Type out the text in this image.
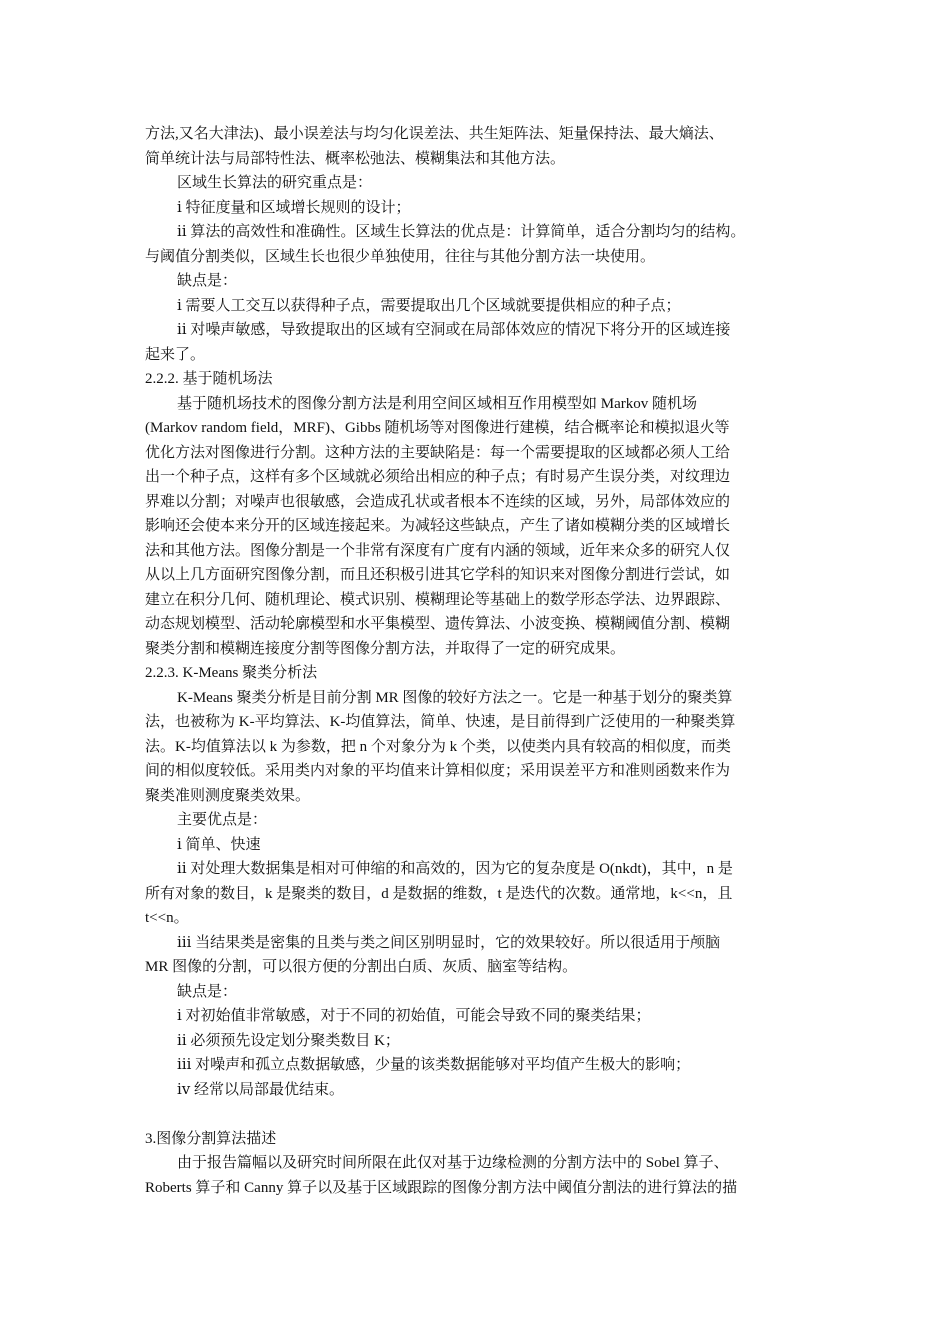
方法,又名大津法)、最小误差法与均匀化误差法、共生矩阵法、矩量保持法、最大熵法、
简单统计法与局部特性法、概率松弛法、模糊集法和其他方法。
区域生长算法的研究重点是：
ⅰ 特征度量和区域增长规则的设计；
ⅱ 算法的高效性和准确性。区域生长算法的优点是：计算简单，适合分割均匀的结构。
与阈值分割类似，区域生长也很少单独使用，往往与其他分割方法一块使用。
缺点是：
ⅰ 需要人工交互以获得种子点，需要提取出几个区域就要提供相应的种子点；
ⅱ 对噪声敏感，导致提取出的区域有空洞或在局部体效应的情况下将分开的区域连接
起来了。
2.2.2. 基于随机场法
基于随机场技术的图像分割方法是利用空间区域相互作用模型如 Markov 随机场
(Markov random field，MRF)、Gibbs 随机场等对图像进行建模，结合概率论和模拟退火等
优化方法对图像进行分割。这种方法的主要缺陷是：每一个需要提取的区域都必须人工给
出一个种子点，这样有多个区域就必须给出相应的种子点；有时易产生误分类，对纹理边
界难以分割；对噪声也很敏感，会造成孔状或者根本不连续的区域，另外，局部体效应的
影响还会使本来分开的区域连接起来。为减轻这些缺点，产生了诸如模糊分类的区域增长
法和其他方法。图像分割是一个非常有深度有广度有内涵的领域，近年来众多的研究人仅
从以上几方面研究图像分割，而且还积极引进其它学科的知识来对图像分割进行尝试，如
建立在积分几何、随机理论、模式识别、模糊理论等基础上的数学形态学法、边界跟踪、
动态规划模型、活动轮廓模型和水平集模型、遗传算法、小波变换、模糊阈值分割、模糊
聚类分割和模糊连接度分割等图像分割方法，并取得了一定的研究成果。
2.2.3. K-Means 聚类分析法
K-Means 聚类分析是目前分割 MR 图像的较好方法之一。它是一种基于划分的聚类算
法，也被称为 K-平均算法、K-均值算法，简单、快速，是目前得到广泛使用的一种聚类算
法。K-均值算法以 k 为参数，把 n 个对象分为 k 个类，以使类内具有较高的相似度，而类
间的相似度较低。采用类内对象的平均值来计算相似度；采用误差平方和准则函数来作为
聚类准则测度聚类效果。
主要优点是：
ⅰ 简单、快速
ⅱ 对处理大数据集是相对可伸缩的和高效的，因为它的复杂度是 O(nkdt)，其中，n 是
所有对象的数目，k 是聚类的数目，d 是数据的维数，t 是迭代的次数。通常地，k<<n，且
t<<n。
ⅲ 当结果类是密集的且类与类之间区别明显时，它的效果较好。所以很适用于颅脑
MR 图像的分割，可以很方便的分割出白质、灰质、脑室等结构。
缺点是：
ⅰ 对初始值非常敏感，对于不同的初始值，可能会导致不同的聚类结果；
ⅱ 必须预先设定划分聚类数目 K；
ⅲ 对噪声和孤立点数据敏感，少量的该类数据能够对平均值产生极大的影响；
ⅳ 经常以局部最优结束。
3.图像分割算法描述
由于报告篇幅以及研究时间所限在此仅对基于边缘检测的分割方法中的 Sobel 算子、
Roberts 算子和 Canny 算子以及基于区域跟踪的图像分割方法中阈值分割法的进行算法的描
